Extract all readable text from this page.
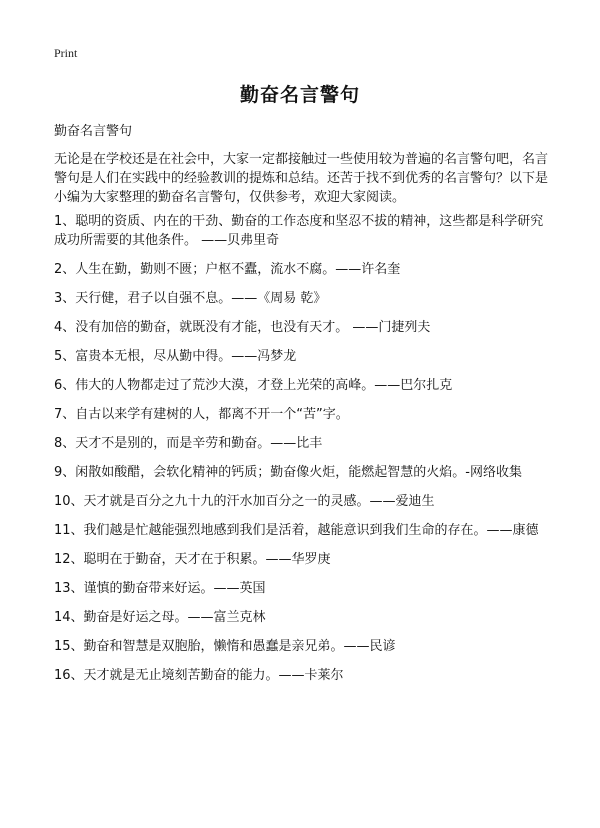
Print
勤奋名言警句
勤奋名言警句
无论是在学校还是在社会中，大家一定都接触过一些使用较为普遍的名言警句吧，名言警句是人们在实践中的经验教训的提炼和总结。还苦于找不到优秀的名言警句？以下是小编为大家整理的勤奋名言警句，仅供参考，欢迎大家阅读。
1、聪明的资质、内在的干劲、勤奋的工作态度和坚忍不拔的精神，这些都是科学研究成功所需要的其他条件。 ——贝弗里奇
2、人生在勤，勤则不匮；户枢不蠹，流水不腐。——许名奎
3、天行健，君子以自强不息。——《周易 乾》
4、没有加倍的勤奋，就既没有才能，也没有天才。 ——门捷列夫
5、富贵本无根，尽从勤中得。——冯梦龙
6、伟大的人物都走过了荒沙大漠，才登上光荣的高峰。——巴尔扎克
7、自古以来学有建树的人，都离不开一个“苦”字。
8、天才不是别的，而是辛劳和勤奋。——比丰
9、闲散如酸醋，会软化精神的钙质；勤奋像火炬，能燃起智慧的火焰。-网络收集
10、天才就是百分之九十九的汗水加百分之一的灵感。——爱迪生
11、我们越是忙越能强烈地感到我们是活着，越能意识到我们生命的存在。——康德
12、聪明在于勤奋，天才在于积累。——华罗庚
13、谨慎的勤奋带来好运。——英国
14、勤奋是好运之母。——富兰克林
15、勤奋和智慧是双胞胎，懒惰和愚蠢是亲兄弟。——民谚
16、天才就是无止境刻苦勤奋的能力。——卡莱尔
